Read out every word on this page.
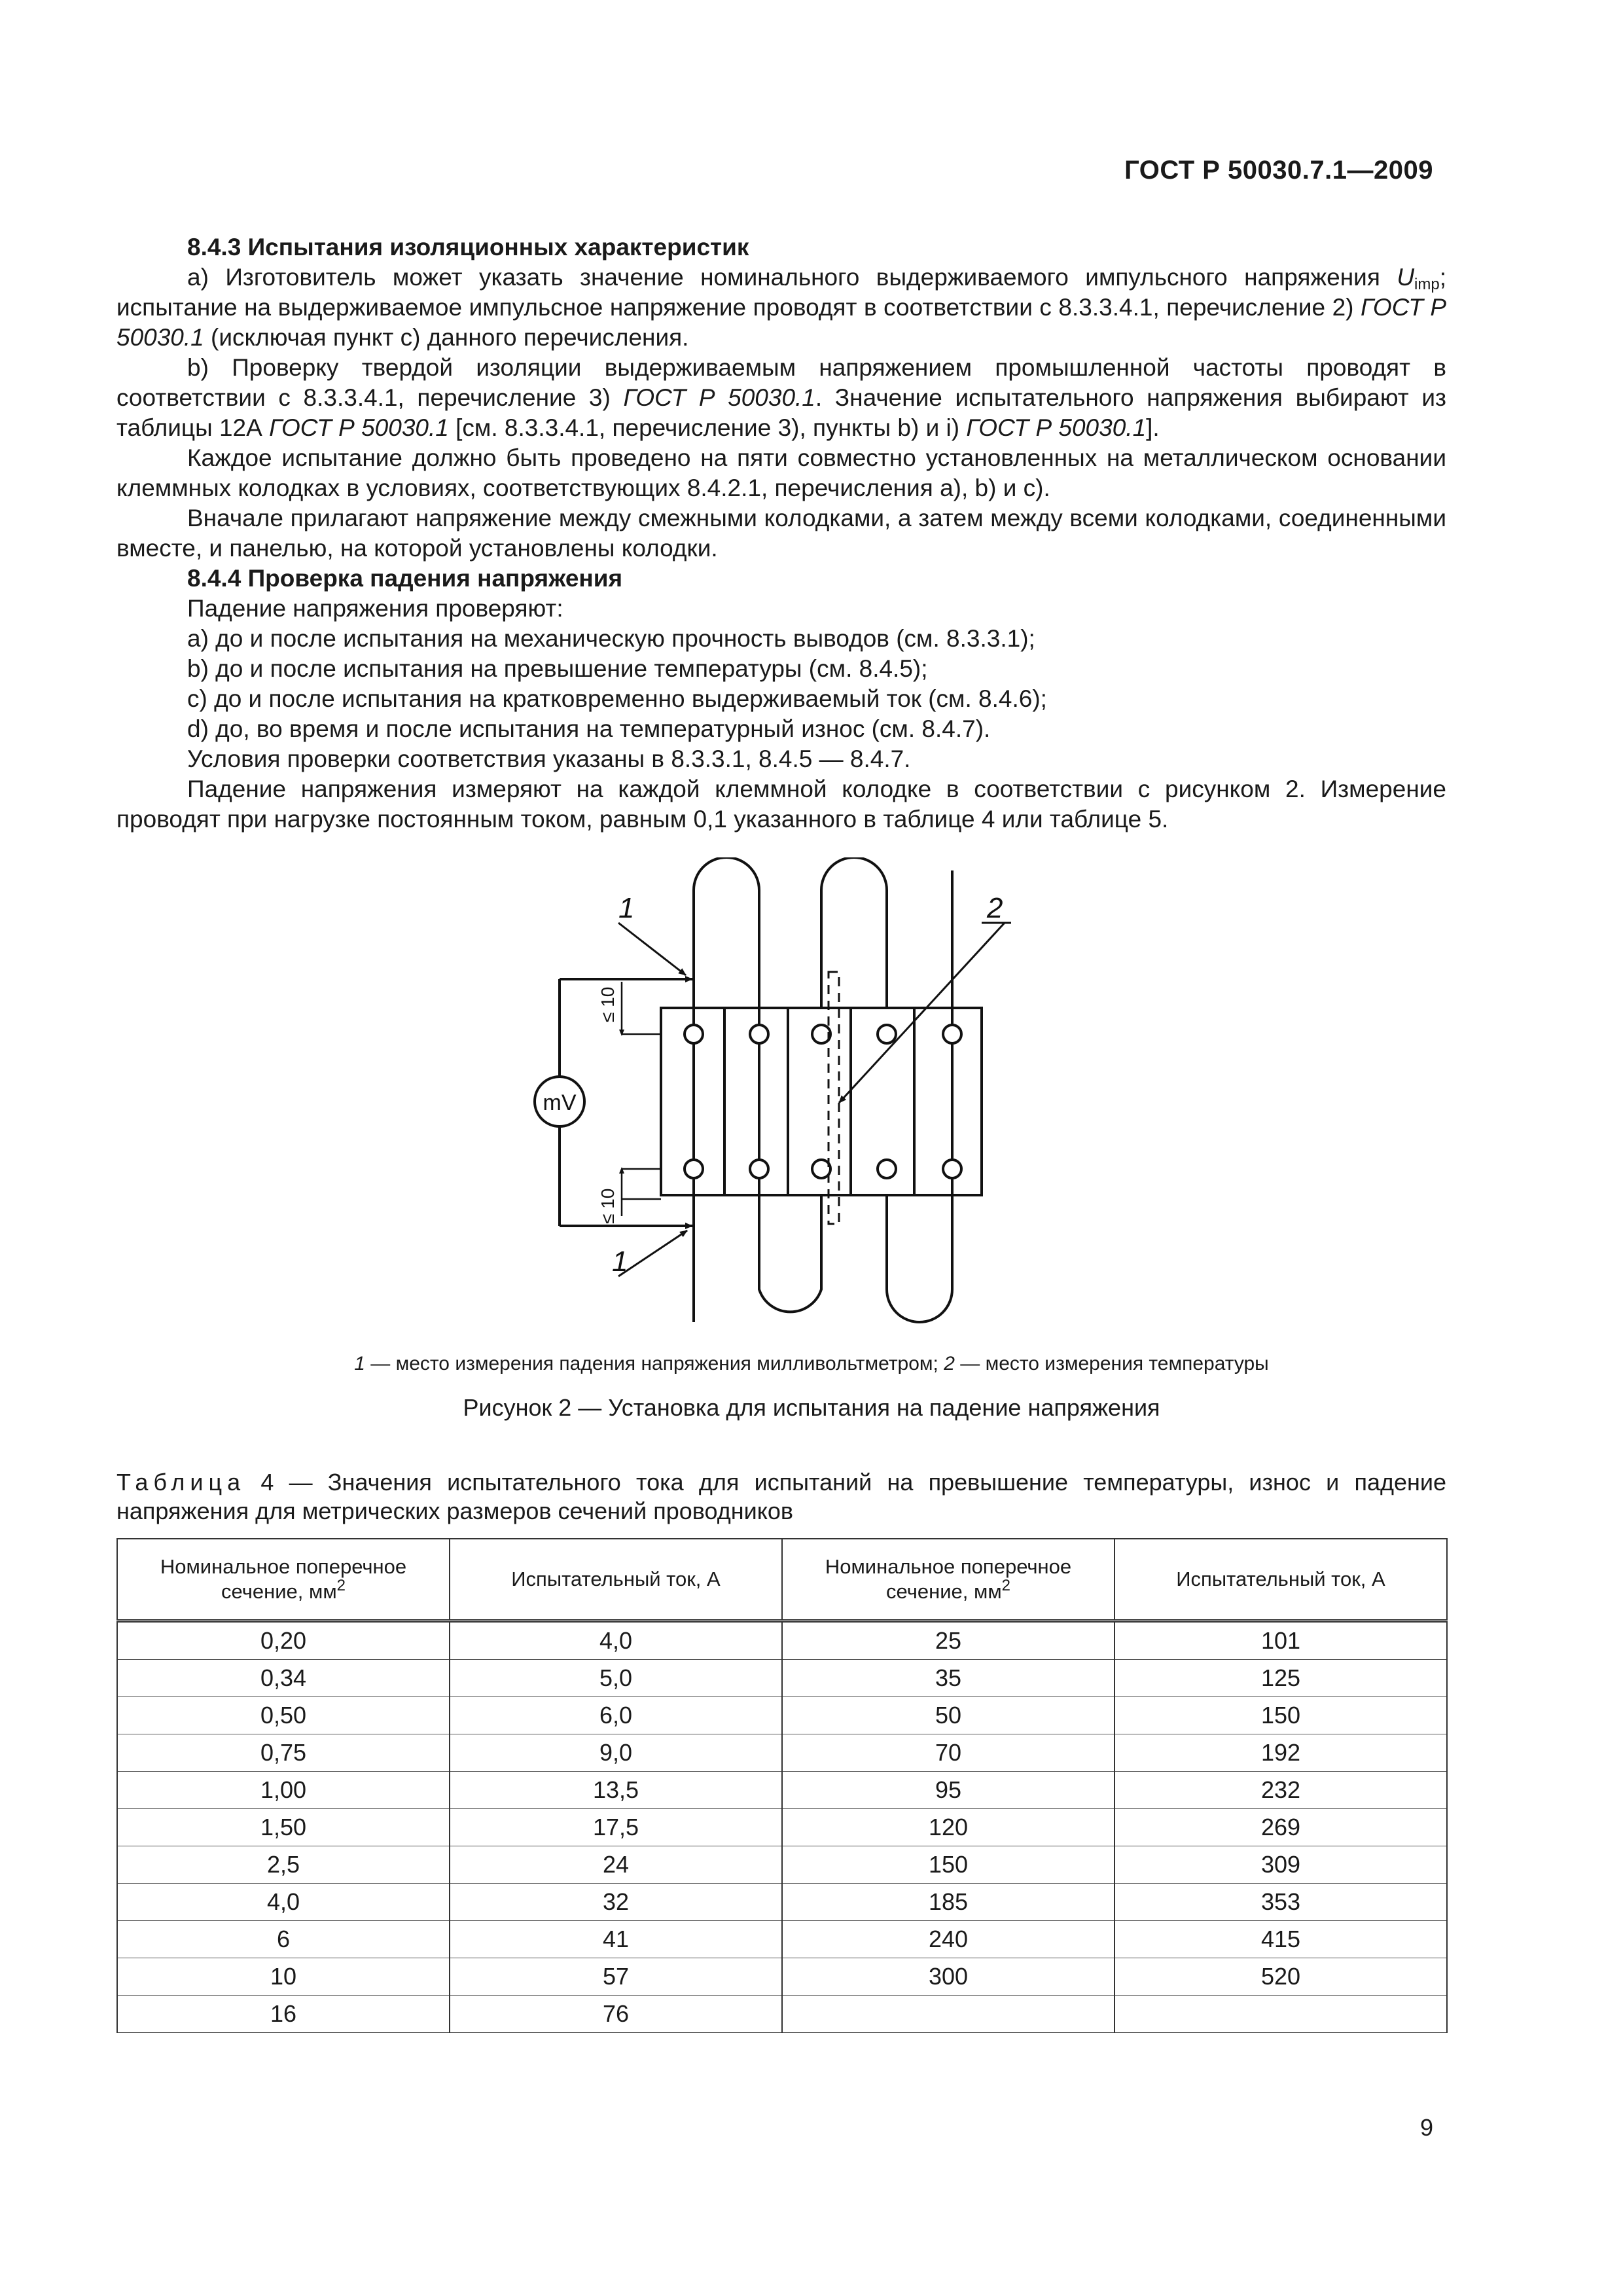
ГОСТ Р 50030.7.1—2009

8.4.3 Испытания изоляционных характеристик

а) Изготовитель может указать значение номинального выдерживаемого импульсного напряжения $U_{imp}$; испытание на выдерживаемое импульсное напряжение проводят в соответствии с 8.3.3.4.1, перечисление 2) ГОСТ Р 50030.1 (исключая пункт с) данного перечисления.

b) Проверку твердой изоляции выдерживаемым напряжением промышленной частоты проводят в соответствии с 8.3.3.4.1, перечисление 3) ГОСТ Р 50030.1. Значение испытательного напряжения выбирают из таблицы 12А ГОСТ Р 50030.1 [см. 8.3.3.4.1, перечисление 3), пункты b) и i) ГОСТ Р 50030.1].

Каждое испытание должно быть проведено на пяти совместно установленных на металлическом основании клеммных колодках в условиях, соответствующих 8.4.2.1, перечисления а), b) и с).

Вначале прилагают напряжение между смежными колодками, а затем между всеми колодками, соединенными вместе, и панелью, на которой установлены колодки.

8.4.4 Проверка падения напряжения

Падение напряжения проверяют:

а) до и после испытания на механическую прочность выводов (см. 8.3.3.1);

b) до и после испытания на превышение температуры (см. 8.4.5);

с) до и после испытания на кратковременно выдерживаемый ток (см. 8.4.6);

d) до, во время и после испытания на температурный износ (см. 8.4.7).

Условия проверки соответствия указаны в 8.3.3.1, 8.4.5 — 8.4.7.

Падение напряжения измеряют на каждой клеммной колодке в соответствии с рисунком 2. Измерение проводят при нагрузке постоянным током, равным 0,1 указанного в таблице 4 или таблице 5.

1
1
2
mV
≤ 10
≤ 10
1 — место измерения падения напряжения милливольтметром; 2 — место измерения температуры
Рисунок 2 — Установка для испытания на падение напряжения
Таблица 4 — Значения испытательного тока для испытаний на превышение температуры, износ и падение напряжения для метрических размеров сечений проводников
Номинальное поперечное сечение, $мм^2$	Испытательный ток, А	Номинальное поперечное сечение, $мм^2$	Испытательный ток, А
0,20	4,0	25	101
0,34	5,0	35	125
0,50	6,0	50	150
0,75	9,0	70	192
1,00	13,5	95	232
1,50	17,5	120	269
2,5	24	150	309
4,0	32	185	353
6	41	240	415
10	57	300	520
16	76		
9
